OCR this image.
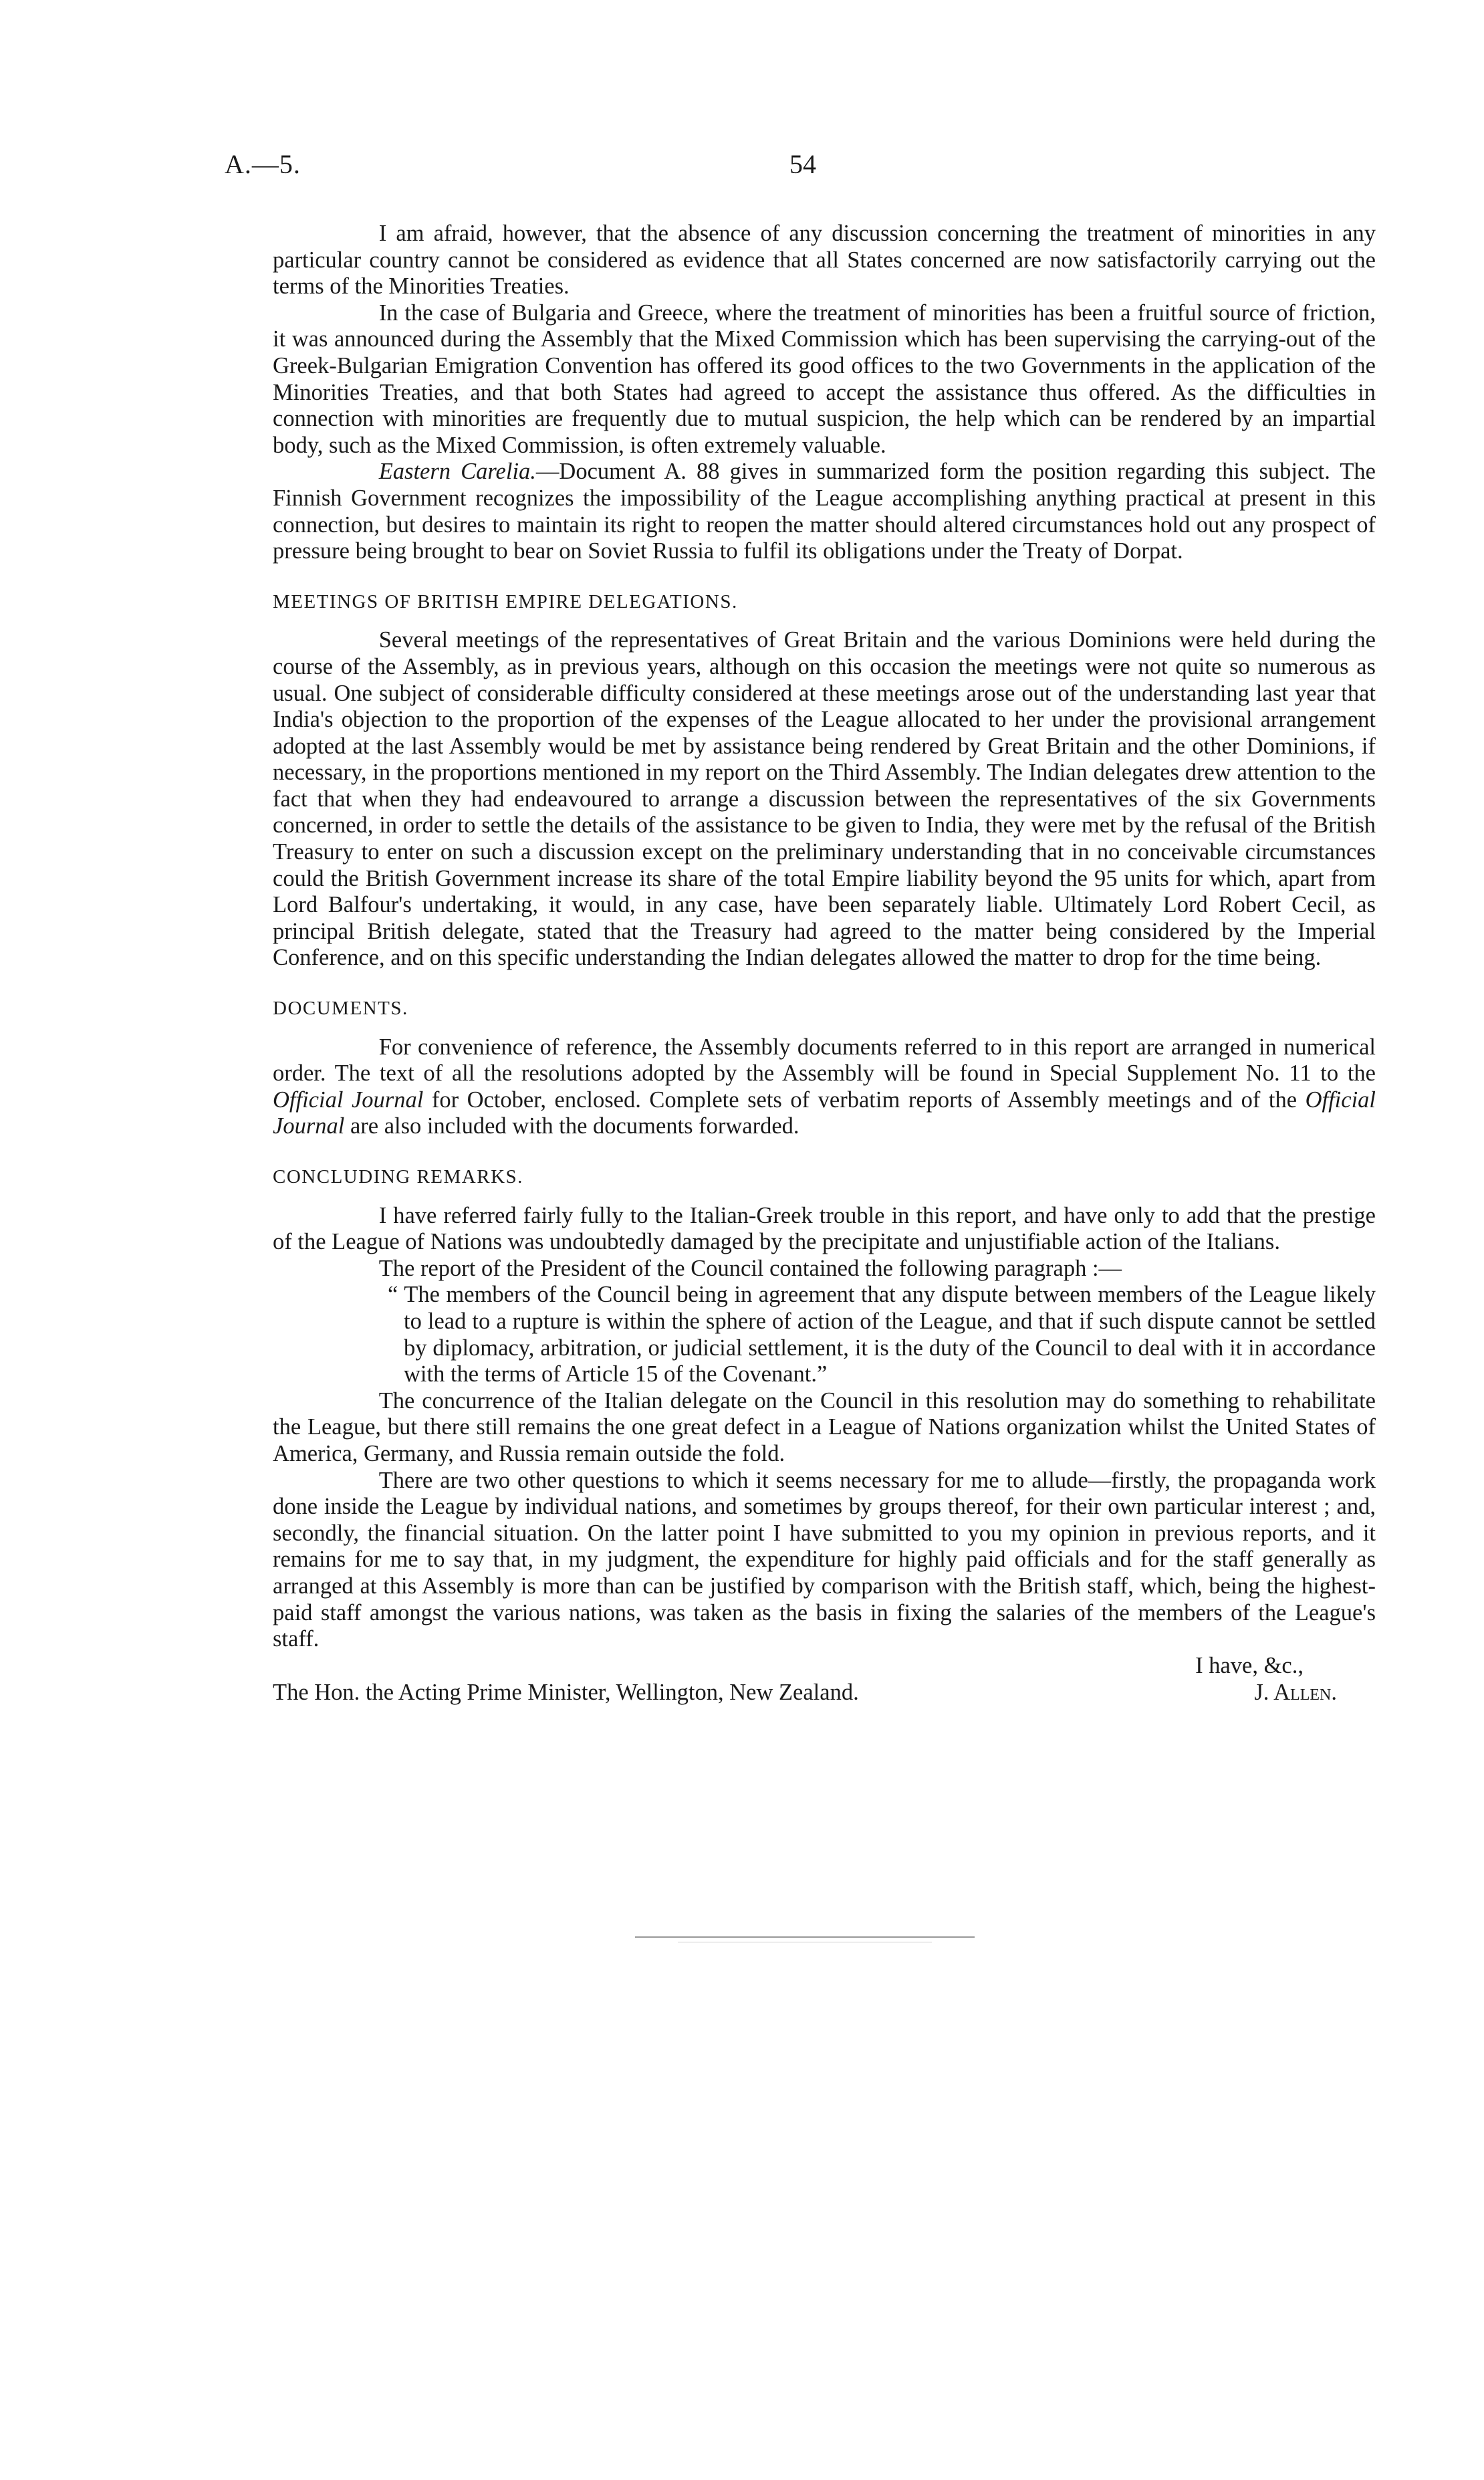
A.—5.	54

I am afraid, however, that the absence of any discussion concerning the treatment of minorities in any particular country cannot be considered as evidence that all States concerned are now satisfactorily carrying out the terms of the Minorities Treaties.

In the case of Bulgaria and Greece, where the treatment of minorities has been a fruitful source of friction, it was announced during the Assembly that the Mixed Commission which has been supervising the carrying-out of the Greek-Bulgarian Emigration Convention has offered its good offices to the two Governments in the application of the Minorities Treaties, and that both States had agreed to accept the assistance thus offered. As the difficulties in connection with minorities are frequently due to mutual suspicion, the help which can be rendered by an impartial body, such as the Mixed Commission, is often extremely valuable.

Eastern Carelia.—Document A. 88 gives in summarized form the position regarding this subject. The Finnish Government recognizes the impossibility of the League accomplishing anything practical at present in this connection, but desires to maintain its right to reopen the matter should altered circumstances hold out any prospect of pressure being brought to bear on Soviet Russia to fulfil its obligations under the Treaty of Dorpat.

MEETINGS OF BRITISH EMPIRE DELEGATIONS.

Several meetings of the representatives of Great Britain and the various Dominions were held during the course of the Assembly, as in previous years, although on this occasion the meetings were not quite so numerous as usual. One subject of considerable difficulty considered at these meetings arose out of the understanding last year that India's objection to the proportion of the expenses of the League allocated to her under the provisional arrangement adopted at the last Assembly would be met by assistance being rendered by Great Britain and the other Dominions, if necessary, in the proportions mentioned in my report on the Third Assembly. The Indian delegates drew attention to the fact that when they had endeavoured to arrange a discussion between the representatives of the six Governments concerned, in order to settle the details of the assistance to be given to India, they were met by the refusal of the British Treasury to enter on such a discussion except on the preliminary understanding that in no conceivable circumstances could the British Government increase its share of the total Empire liability beyond the 95 units for which, apart from Lord Balfour's undertaking, it would, in any case, have been separately liable. Ultimately Lord Robert Cecil, as principal British delegate, stated that the Treasury had agreed to the matter being considered by the Imperial Conference, and on this specific understanding the Indian delegates allowed the matter to drop for the time being.

DOCUMENTS.

For convenience of reference, the Assembly documents referred to in this report are arranged in numerical order. The text of all the resolutions adopted by the Assembly will be found in Special Supplement No. 11 to the Official Journal for October, enclosed. Complete sets of verbatim reports of Assembly meetings and of the Official Journal are also included with the documents forwarded.

CONCLUDING REMARKS.

I have referred fairly fully to the Italian-Greek trouble in this report, and have only to add that the prestige of the League of Nations was undoubtedly damaged by the precipitate and unjustifiable action of the Italians.

The report of the President of the Council contained the following paragraph :—

“ The members of the Council being in agreement that any dispute between members of the League likely to lead to a rupture is within the sphere of action of the League, and that if such dispute cannot be settled by diplomacy, arbitration, or judicial settlement, it is the duty of the Council to deal with it in accordance with the terms of Article 15 of the Covenant.”

The concurrence of the Italian delegate on the Council in this resolution may do something to rehabilitate the League, but there still remains the one great defect in a League of Nations organization whilst the United States of America, Germany, and Russia remain outside the fold.

There are two other questions to which it seems necessary for me to allude—firstly, the propaganda work done inside the League by individual nations, and sometimes by groups thereof, for their own particular interest ; and, secondly, the financial situation. On the latter point I have submitted to you my opinion in previous reports, and it remains for me to say that, in my judgment, the expenditure for highly paid officials and for the staff generally as arranged at this Assembly is more than can be justified by comparison with the British staff, which, being the highest-paid staff amongst the various nations, was taken as the basis in fixing the salaries of the members of the League's staff.

I have, &c.,
The Hon. the Acting Prime Minister, Wellington, New Zealand.	J. Allen.
